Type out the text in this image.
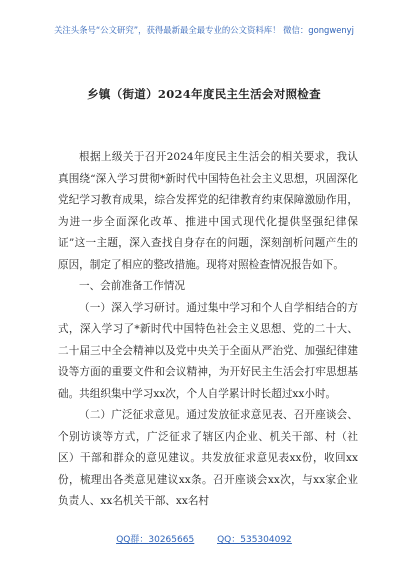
关注头条号“公文研究”，获得最新最全最专业的公文资料库！ 微信：gongwenyj
乡镇（街道）2024年度民主生活会对照检查

根据上级关于召开2024年度民主生活会的相关要求，我认真围绕“深入学习贯彻*新时代中国特色社会主义思想，巩固深化党纪学习教育成果，综合发挥党的纪律教育约束保障激励作用，为进一步全面深化改革、推进中国式现代化提供坚强纪律保证”这一主题，深入查找自身存在的问题，深刻剖析问题产生的原因，制定了相应的整改措施。现将对照检查情况报告如下。

一、会前准备工作情况

（一）深入学习研讨。通过集中学习和个人自学相结合的方式，深入学习了*新时代中国特色社会主义思想、党的二十大、二十届三中全会精神以及党中央关于全面从严治党、加强纪律建设等方面的重要文件和会议精神，为开好民主生活会打牢思想基础。共组织集中学习xx次，个人自学累计时长超过xx小时。

（二）广泛征求意见。通过发放征求意见表、召开座谈会、个别访谈等方式，广泛征求了辖区内企业、机关干部、村（社区）干部和群众的意见建议。共发放征求意见表xx份，收回xx份，梳理出各类意见建议xx条。召开座谈会xx次，与xx家企业负责人、xx名机关干部、xx名村

QQ群：30265665	QQ：535304092
